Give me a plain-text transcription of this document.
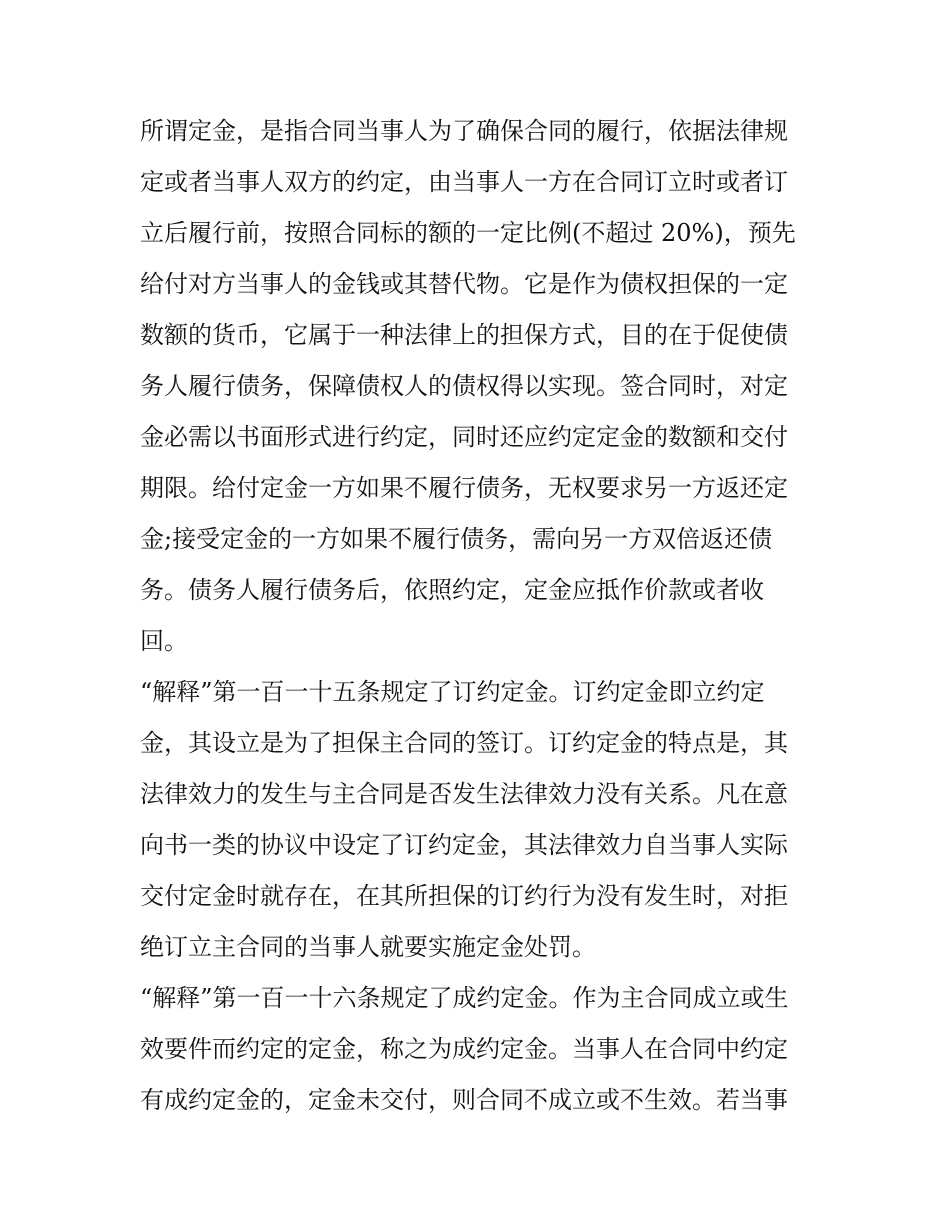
所谓定金，是指合同当事人为了确保合同的履行，依据法律规
定或者当事人双方的约定，由当事人一方在合同订立时或者订
立后履行前，按照合同标的额的一定比例(不超过 20%)，预先
给付对方当事人的金钱或其替代物。它是作为债权担保的一定
数额的货币，它属于一种法律上的担保方式，目的在于促使债
务人履行债务，保障债权人的债权得以实现。签合同时，对定
金必需以书面形式进行约定，同时还应约定定金的数额和交付
期限。给付定金一方如果不履行债务，无权要求另一方返还定
金;接受定金的一方如果不履行债务，需向另一方双倍返还债
务。债务人履行债务后，依照约定，定金应抵作价款或者收
回。
“解释”第一百一十五条规定了订约定金。订约定金即立约定
金，其设立是为了担保主合同的签订。订约定金的特点是，其
法律效力的发生与主合同是否发生法律效力没有关系。凡在意
向书一类的协议中设定了订约定金，其法律效力自当事人实际
交付定金时就存在，在其所担保的订约行为没有发生时，对拒
绝订立主合同的当事人就要实施定金处罚。
“解释”第一百一十六条规定了成约定金。作为主合同成立或生
效要件而约定的定金，称之为成约定金。当事人在合同中约定
有成约定金的，定金未交付，则合同不成立或不生效。若当事
